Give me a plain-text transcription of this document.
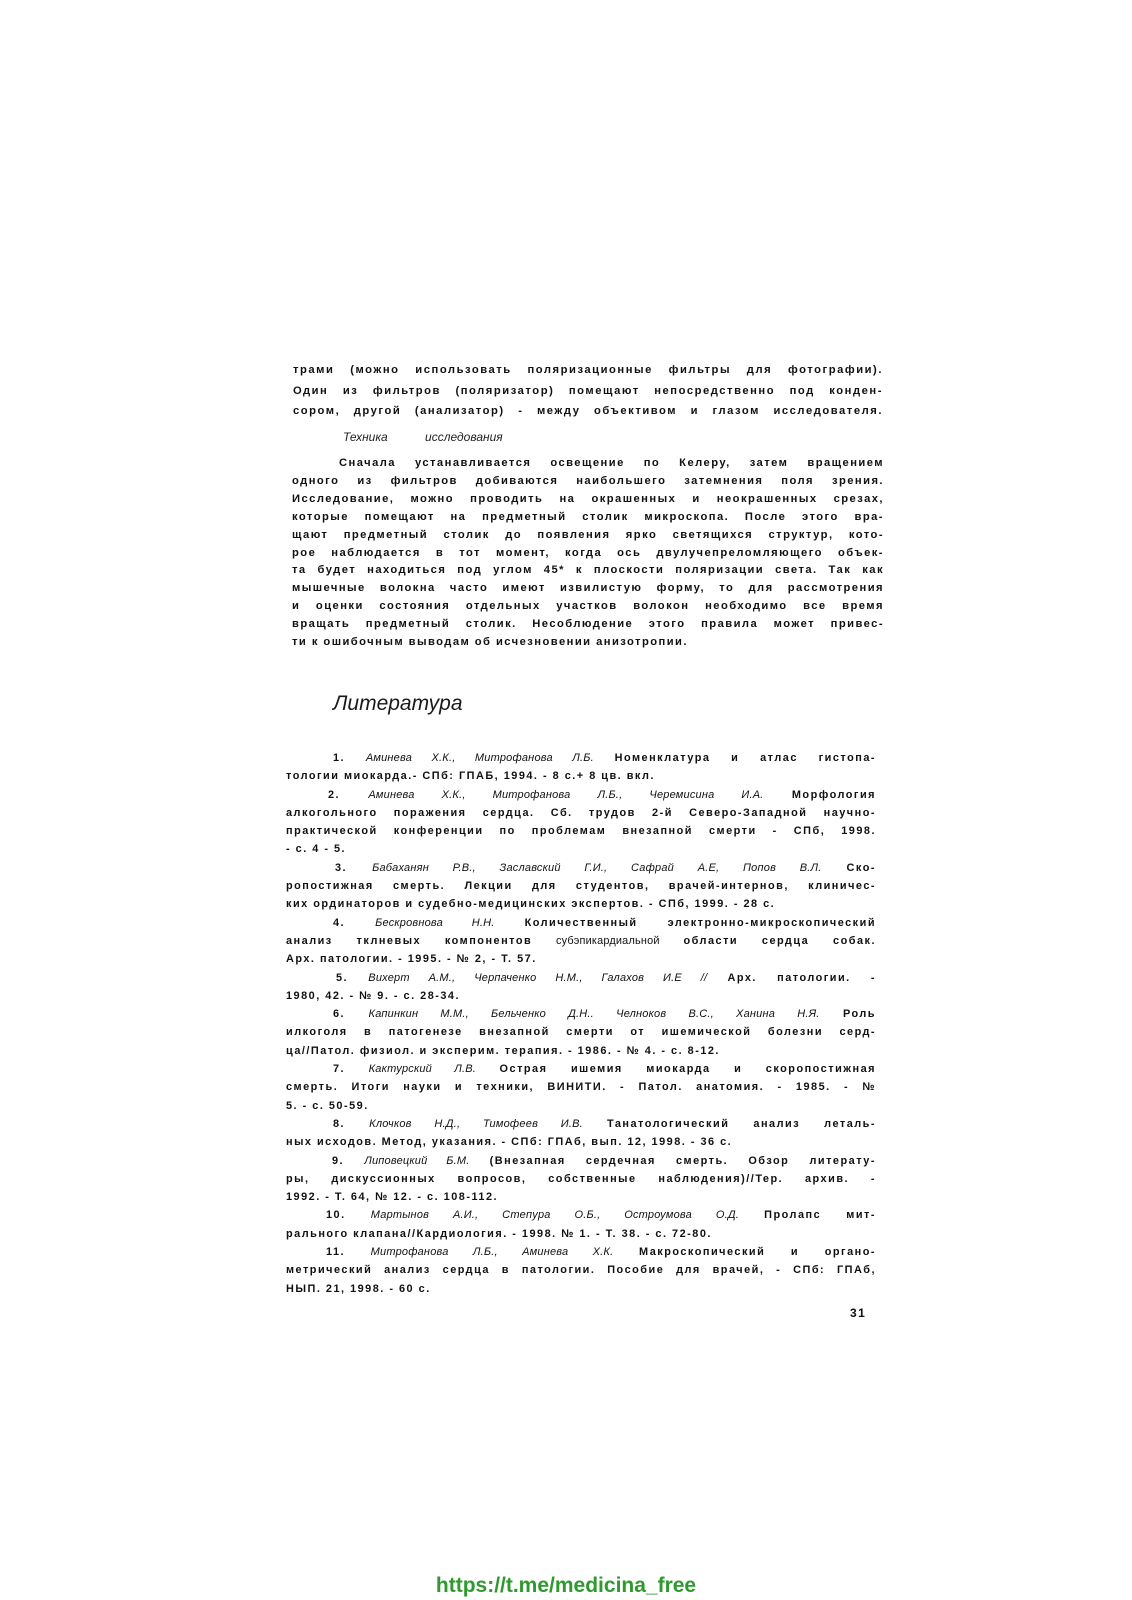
трами (можно использовать поляризационные фильтры для фотографии).
Один из фильтров (поляризатор) помещают непосредственно под конден-
сором, другой (анализатор) - между объективом и глазом исследователя.
Техника	исследования
Сначала устанавливается освещение по Келеру, затем вращением
одного из фильтров добиваются наибольшего затемнения поля зрения.
Исследование, можно проводить на окрашенных и неокрашенных срезах,
которые помещают на предметный столик микроскопа. После этого вра-
щают предметный столик до появления ярко светящихся структур, кото-
рое наблюдается в тот момент, когда ось двулучепреломляющего объек-
та будет находиться под углом 45* к плоскости поляризации света. Так как
мышечные волокна часто имеют извилистую форму, то для рассмотрения
и оценки состояния отдельных участков волокон необходимо все время
вращать предметный столик. Несоблюдение этого правила может привес-
ти к ошибочным выводам об исчезновении анизотропии.
Литература
1. Аминева Х.К., Митрофанова Л.Б. Номенклатура и атлас гистопа-
тологии миокарда.- СПб: ГПАБ, 1994. - 8 с.+ 8 цв. вкл.
2.	Аминева Х.К., Митрофанова Л.Б., Черемисина И.А.	Морфология
алкогольного поражения сердца. Сб. трудов 2-й Северо-Западной научно-
практической конференции по проблемам внезапной смерти - СПб, 1998.
- с. 4 - 5.
3. Бабаханян Р.В., Заславский Г.И., Сафрай А.Е, Попов В.Л. Ско-
ропостижная смерть. Лекции для студентов, врачей-интернов, клиничес-
ких ординаторов и судебно-медицинских экспертов. - СПб, 1999. - 28 с.
4.	Бескровнова Н.Н.	Количественный электронно-микроскопический
анализ тклневых компонентов субэпикардиальной области сердца собак.
Арх. патологии. - 1995. - № 2, - Т. 57.
5. Вихерт А.М., Черпаченко Н.М., Галахов И.Е // Арх. патологии. -
1980, 42. - № 9. - с. 28-34.
6. Капинкин М.М., Бельченко Д.Н.. Челноков В.С., Ханина Н.Я. Роль
илкоголя в патогенезе внезапной смерти от ишемической болезни серд-
ца//Патол. физиол. и эксперим. терапия. - 1986. - № 4. - с. 8-12.
7. Кактурский Л.В. Острая ишемия миокарда и скоропостижная
смерть. Итоги науки и техники, ВИНИТИ. - Патол. анатомия. - 1985. - №
5. - с. 50-59.
8. Клочков Н.Д., Тимофеев И.В. Танатологический анализ леталь-
ных исходов. Метод, указания. - СПб: ГПАб, вып. 12, 1998. - 36 с.
9. Липовецкий Б.М. (Внезапная сердечная смерть. Обзор литерату-
ры, дискуссионных вопросов, собственные наблюдения)//Тер. архив. -
1992. - Т. 64, № 12. - с. 108-112.
10. Мартынов А.И., Степура О.Б., Остроумова О.Д. Пролапс мит-
рального клапана//Кардиология. - 1998. № 1. - Т. 38. - с. 72-80.
11. Митрофанова Л.Б., Аминева Х.К. Макроскопический и органо-
метрический анализ сердца в патологии. Пособие для врачей, - СПб: ГПАб,
НЫП. 21, 1998. - 60 с.
31
https://t.me/medicina_free
